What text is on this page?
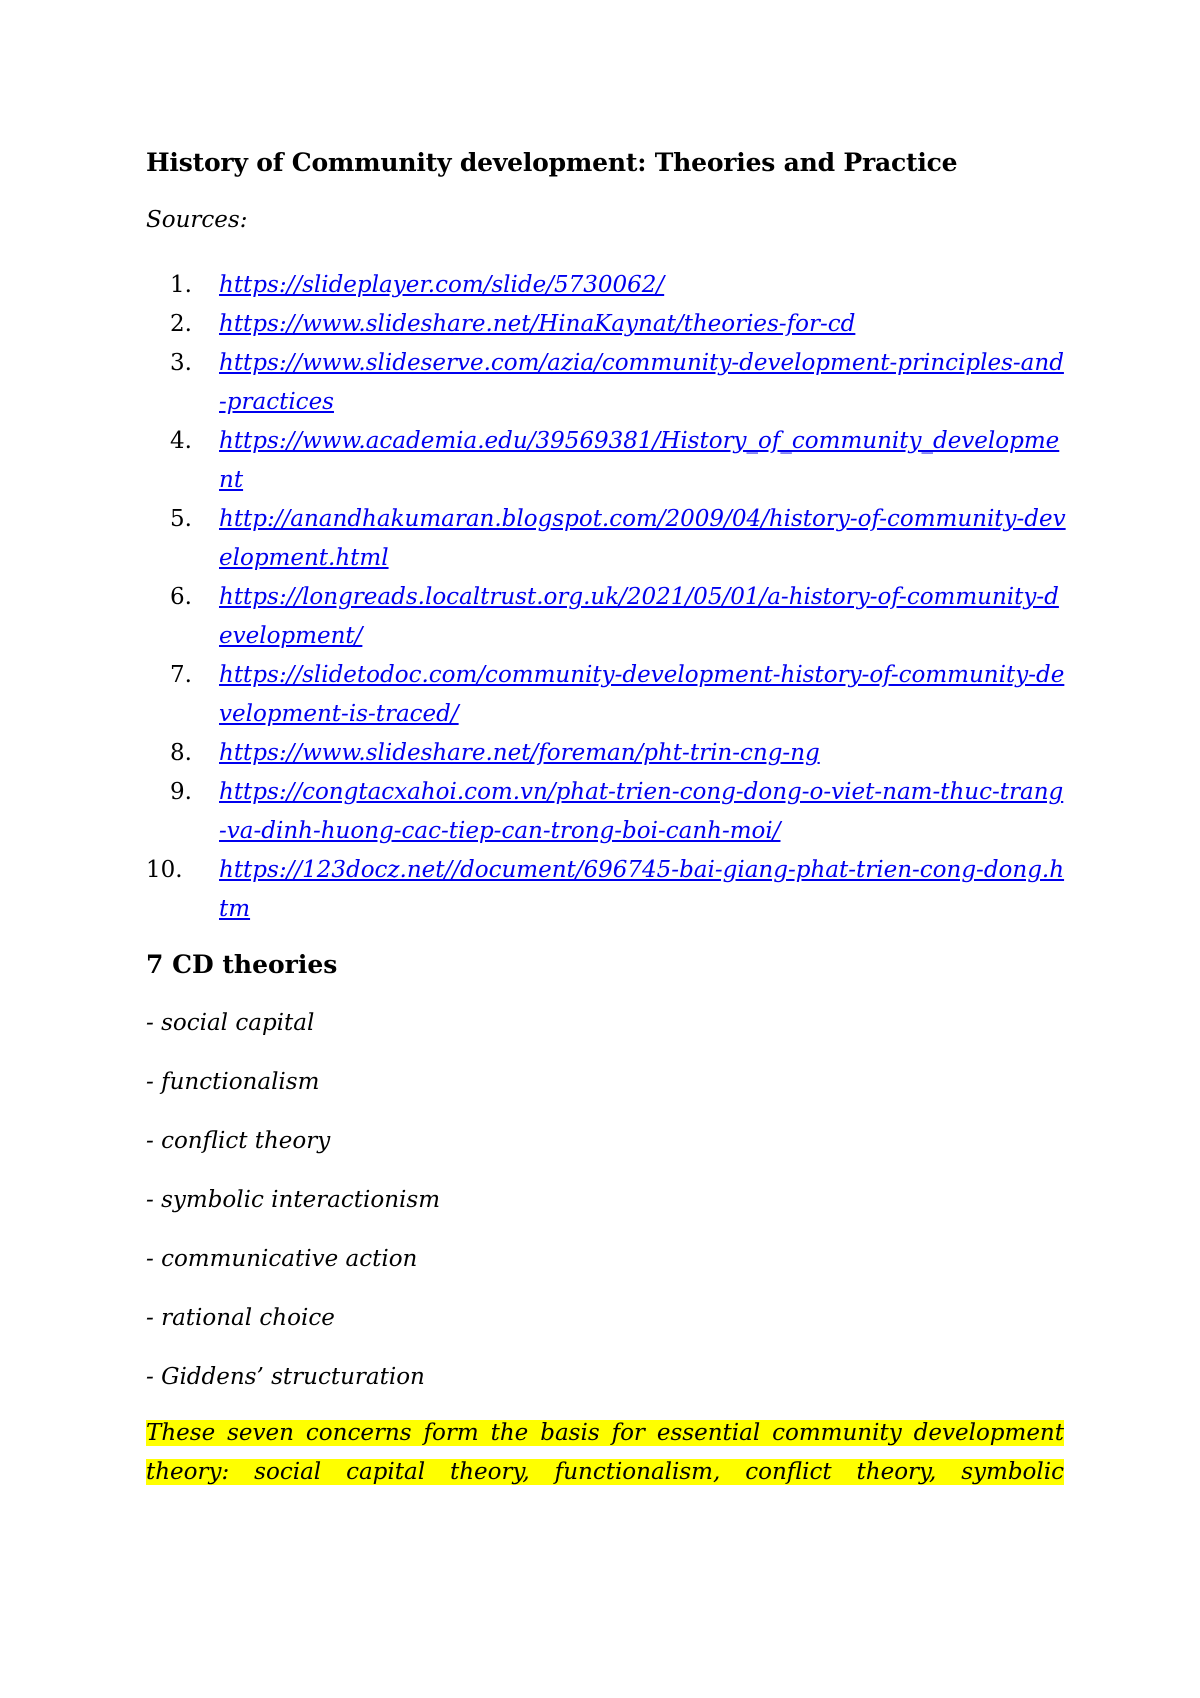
History of Community development: Theories and Practice
Sources:
1. https://slideplayer.com/slide/5730062/
2. https://www.slideshare.net/HinaKaynat/theories-for-cd
3. https://www.slideserve.com/azia/community-development-principles-and-practices
4. https://www.academia.edu/39569381/History_of_community_development
5. http://anandhakumaran.blogspot.com/2009/04/history-of-community-development.html
6. https://longreads.localtrust.org.uk/2021/05/01/a-history-of-community-development/
7. https://slidetodoc.com/community-development-history-of-community-development-is-traced/
8. https://www.slideshare.net/foreman/pht-trin-cng-ng
9. https://congtacxahoi.com.vn/phat-trien-cong-dong-o-viet-nam-thuc-trang-va-dinh-huong-cac-tiep-can-trong-boi-canh-moi/
10. https://123docz.net//document/696745-bai-giang-phat-trien-cong-dong.htm
7 CD theories
- social capital
- functionalism
- conflict theory
- symbolic interactionism
- communicative action
- rational choice
- Giddens’ structuration

These seven concerns form the basis for essential community development theory: social capital theory, functionalism, conflict theory, symbolic
